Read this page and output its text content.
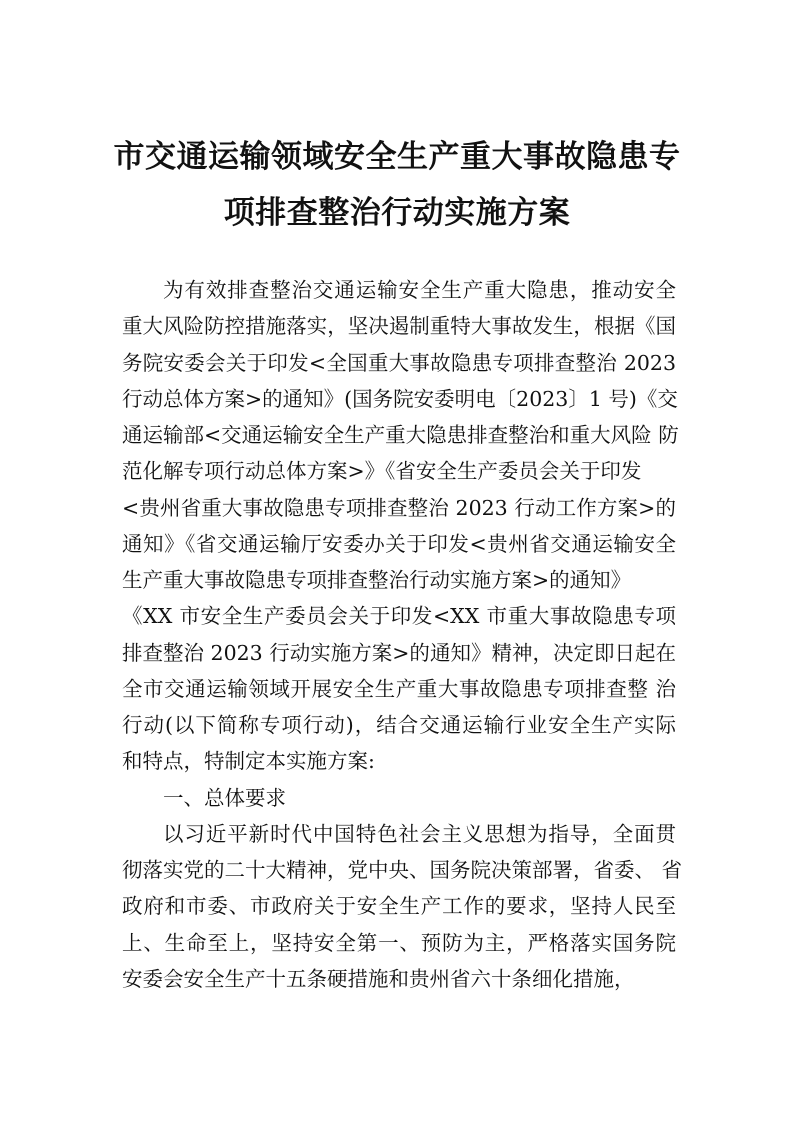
市交通运输领域安全生产重大事故隐患专
项排查整治行动实施方案
为有效排查整治交通运输安全生产重大隐患，推动安全
重大风险防控措施落实，坚决遏制重特大事故发生，根据《国
务院安委会关于印发<全国重大事故隐患专项排查整治 2023
行动总体方案>的通知》(国务院安委明电〔2023〕1 号)《交
通运输部<交通运输安全生产重大隐患排查整治和重大风险 防
范化解专项行动总体方案>》《省安全生产委员会关于印发
<贵州省重大事故隐患专项排查整治 2023 行动工作方案>的
通知》《省交通运输厅安委办关于印发<贵州省交通运输安全
生产重大事故隐患专项排查整治行动实施方案>的通知》
《XX 市安全生产委员会关于印发<XX 市重大事故隐患专项
排查整治 2023 行动实施方案>的通知》精神，决定即日起在
全市交通运输领域开展安全生产重大事故隐患专项排查整 治
行动(以下简称专项行动)，结合交通运输行业安全生产实际
和特点，特制定本实施方案:
一、总体要求
以习近平新时代中国特色社会主义思想为指导，全面贯
彻落实党的二十大精神，党中央、国务院决策部署，省委、 省
政府和市委、市政府关于安全生产工作的要求，坚持人民至
上、生命至上，坚持安全第一、预防为主，严格落实国务院
安委会安全生产十五条硬措施和贵州省六十条细化措施，
